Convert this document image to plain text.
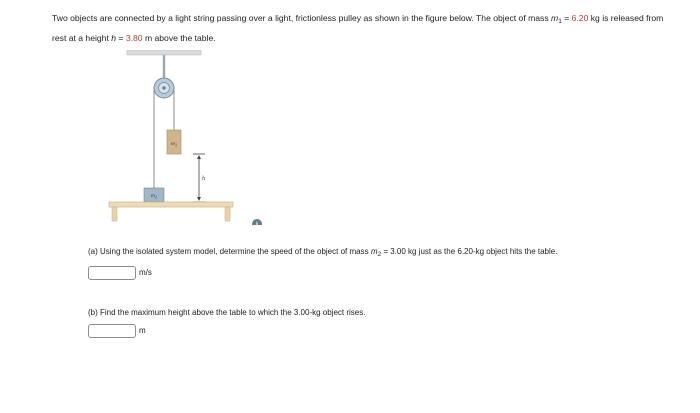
Two objects are connected by a light string passing over a light, frictionless pulley as shown in the figure below. The object of mass $m_1 = 6.20$ kg is released from rest at a height h = 3.80 m above the table.
$m_1$
h
$m_2$
i
(a) Using the isolated system model, determine the speed of the object of mass $m_2 = 3.00$ kg just as the 6.20-kg object hits the table.
m/s
(b) Find the maximum height above the table to which the 3.00-kg object rises.
m
